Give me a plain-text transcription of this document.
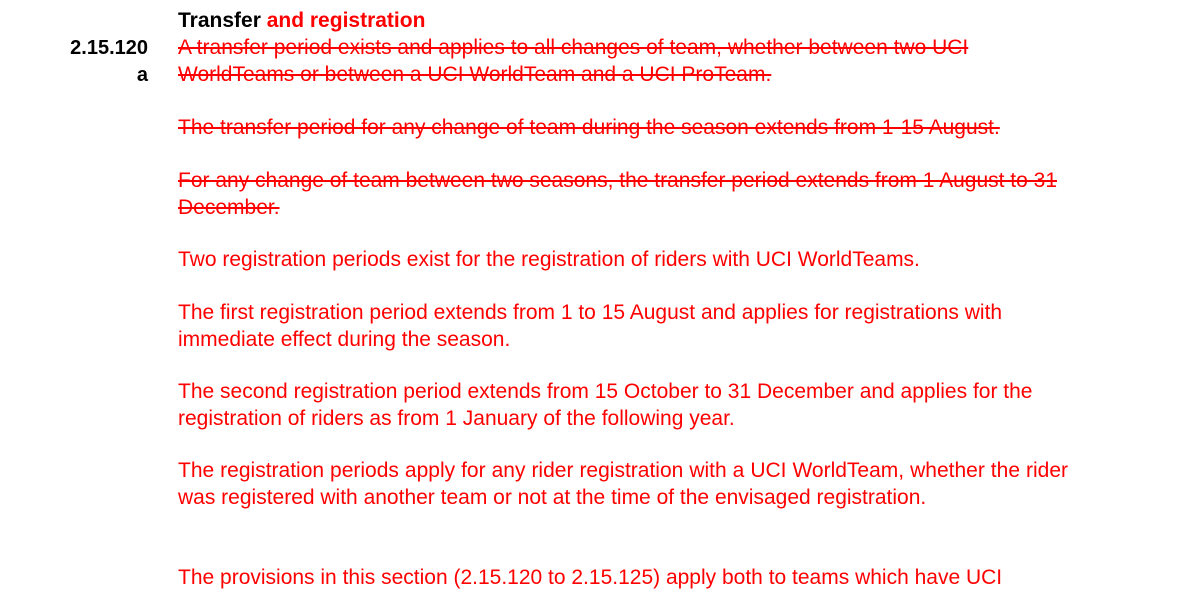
Transfer and registration
2.15.120
a
A transfer period exists and applies to all changes of team, whether between two UCI WorldTeams or between a UCI WorldTeam and a UCI ProTeam.
The transfer period for any change of team during the season extends from 1-15 August.
For any change of team between two seasons, the transfer period extends from 1 August to 31 December.
Two registration periods exist for the registration of riders with UCI WorldTeams.
The first registration period extends from 1 to 15 August and applies for registrations with immediate effect during the season.
The second registration period extends from 15 October to 31 December and applies for the registration of riders as from 1 January of the following year.
The registration periods apply for any rider registration with a UCI WorldTeam, whether the rider was registered with another team or not at the time of the envisaged registration.
The provisions in this section (2.15.120 to 2.15.125) apply both to teams which have UCI
